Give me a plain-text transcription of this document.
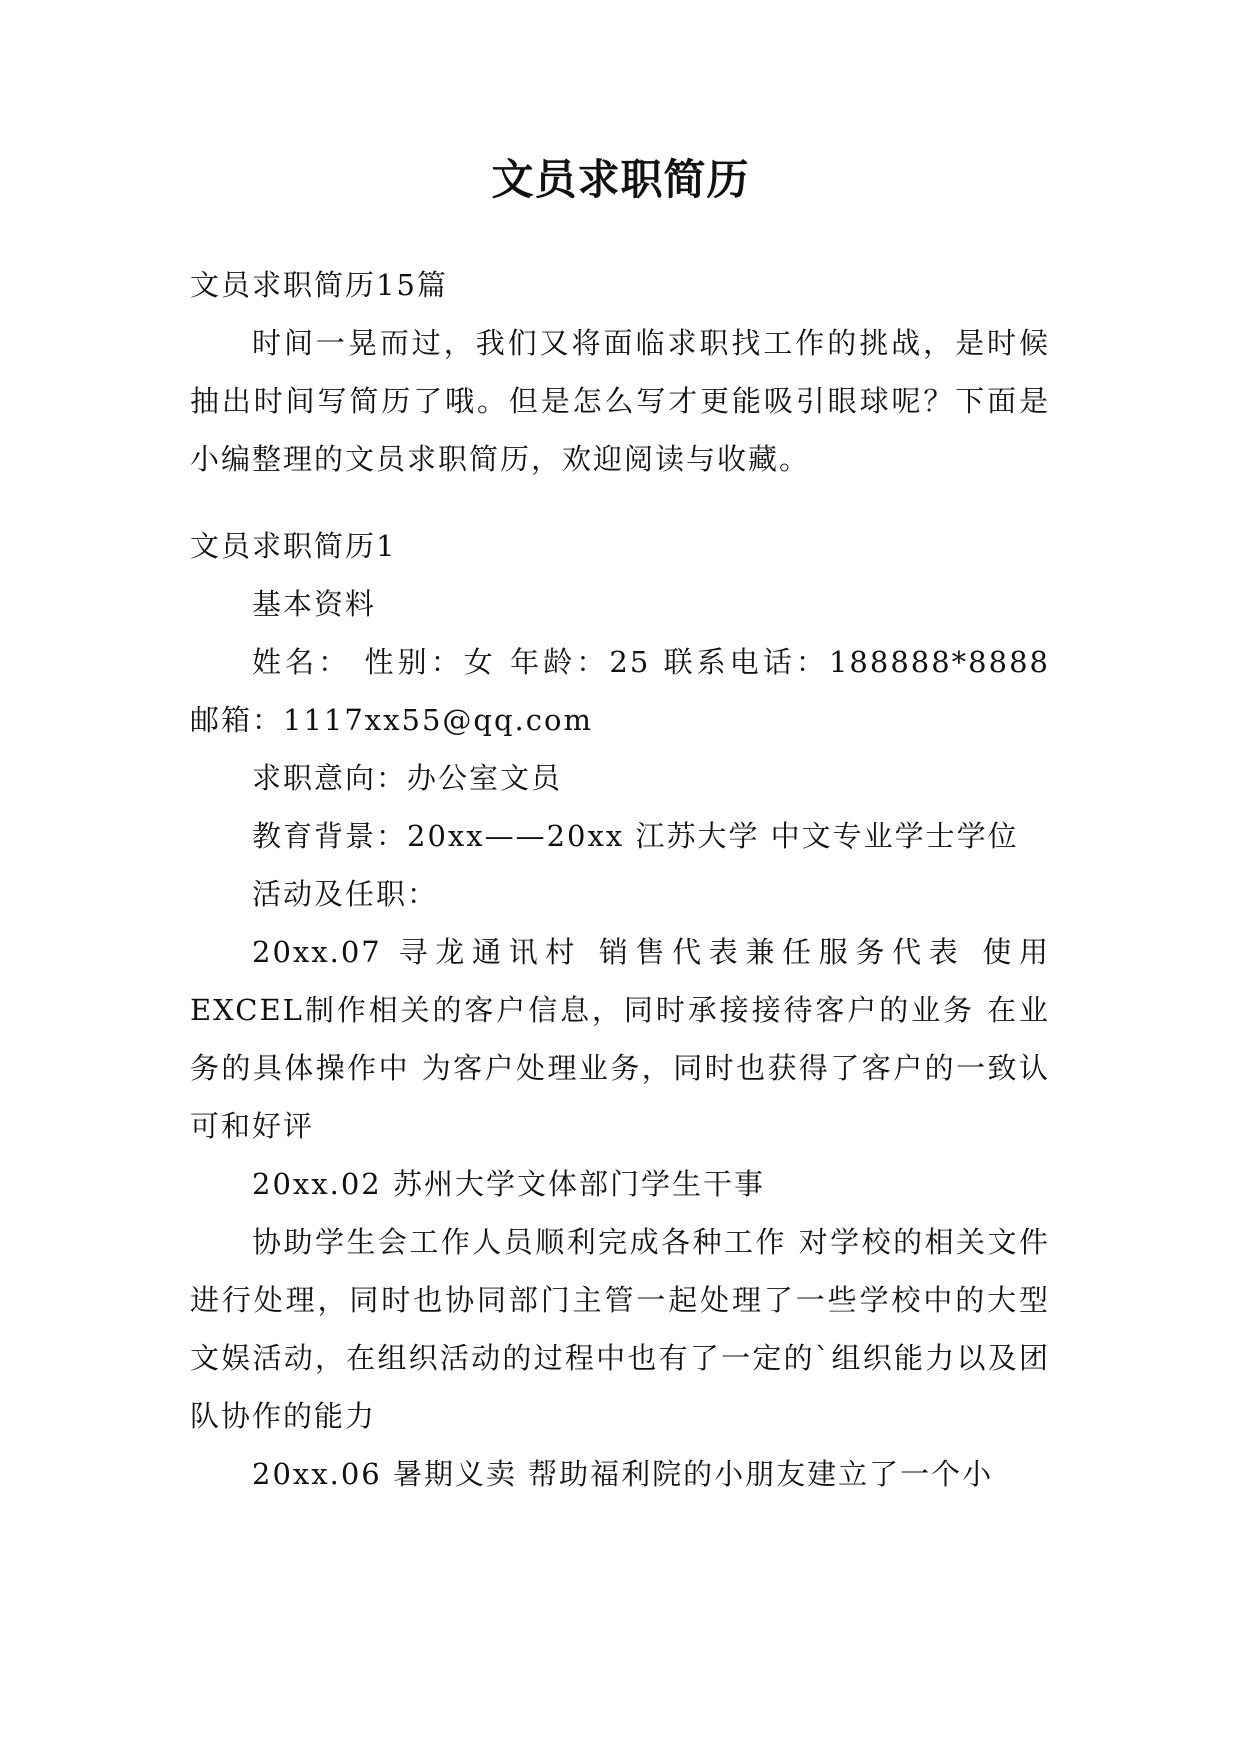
文员求职简历
文员求职简历15篇
时间一晃而过，我们又将面临求职找工作的挑战，是时候抽出时间写简历了哦。但是怎么写才更能吸引眼球呢？下面是小编整理的文员求职简历，欢迎阅读与收藏。
文员求职简历1
基本资料
姓名： 性别：女 年龄：25 联系电话：188888*8888 邮箱：1117xx55@qq.com
求职意向：办公室文员
教育背景：20xx——20xx 江苏大学 中文专业学士学位
活动及任职：
20xx.07 寻龙通讯村 销售代表兼任服务代表 使用EXCEL制作相关的客户信息，同时承接接待客户的业务 在业务的具体操作中 为客户处理业务，同时也获得了客户的一致认可和好评
20xx.02 苏州大学文体部门学生干事
协助学生会工作人员顺利完成各种工作 对学校的相关文件进行处理，同时也协同部门主管一起处理了一些学校中的大型文娱活动，在组织活动的过程中也有了一定的`组织能力以及团队协作的能力
20xx.06 暑期义卖 帮助福利院的小朋友建立了一个小
